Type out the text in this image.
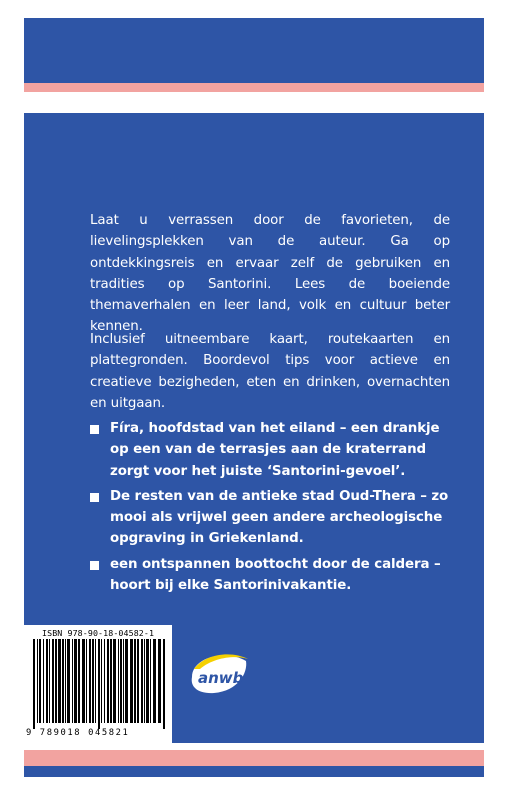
Laat u verrassen door de favorieten, de lievelingsplekken van de auteur. Ga op ontdekkingsreis en ervaar zelf de gebruiken en tradities op Santorini. Lees de boeiende themaverhalen en leer land, volk en cultuur beter kennen.

Inclusief uitneembare kaart, routekaarten en plattegronden. Boordevol tips voor actieve en creatieve bezigheden, eten en drinken, overnachten en uitgaan.

Fíra, hoofdstad van het eiland – een drankje op een van de terrasjes aan de kraterrand zorgt voor het juiste ‘Santorini-gevoel’.
De resten van de antieke stad Oud-Thera – zo mooi als vrijwel geen andere archeologische opgraving in Griekenland.
een ontspannen boottocht door de caldera – hoort bij elke Santorinivakantie.
ISBN 978-90-18-04582-1
9 789018 045821
anwb
